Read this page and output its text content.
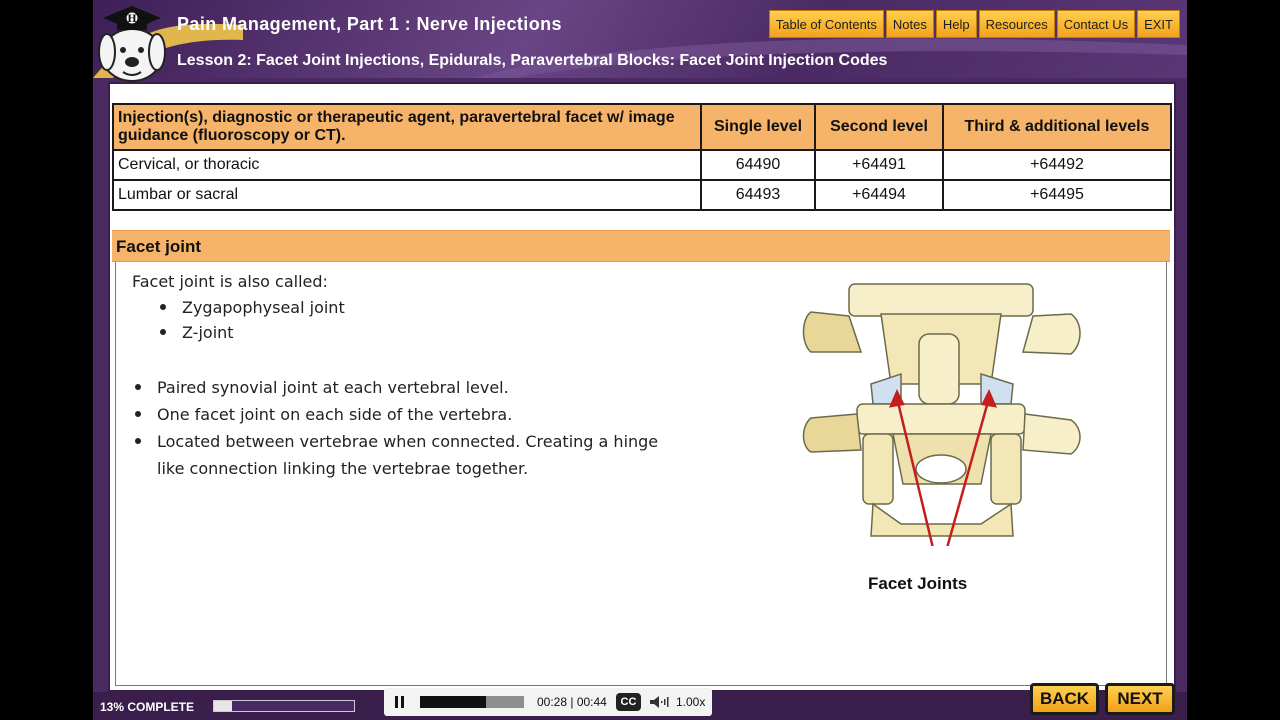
H Pain Management, Part 1 : Nerve Injections
Lesson 2: Facet Joint Injections, Epidurals, Paravertebral Blocks: Facet Joint Injection Codes
Table of Contents	Notes	Help	Resources	Contact Us	EXIT
Injection(s), diagnostic or therapeutic agent, paravertebral facet w/ image guidance (fluoroscopy or CT).	Single level	Second level	Third & additional levels
Cervical, or thoracic	64490	+64491	+64492
Lumbar or sacral	64493	+64494	+64495
Facet joint
Facet joint is also called:
Zygapophyseal joint
Z-joint
Paired synovial joint at each vertebral level.
One facet joint on each side of the vertebra.
Located between vertebrae when connected. Creating a hinge
like connection linking the vertebrae together.
Facet Joints
13% COMPLETE	00:28 | 00:44	CC	1.00x	BACK	NEXT
